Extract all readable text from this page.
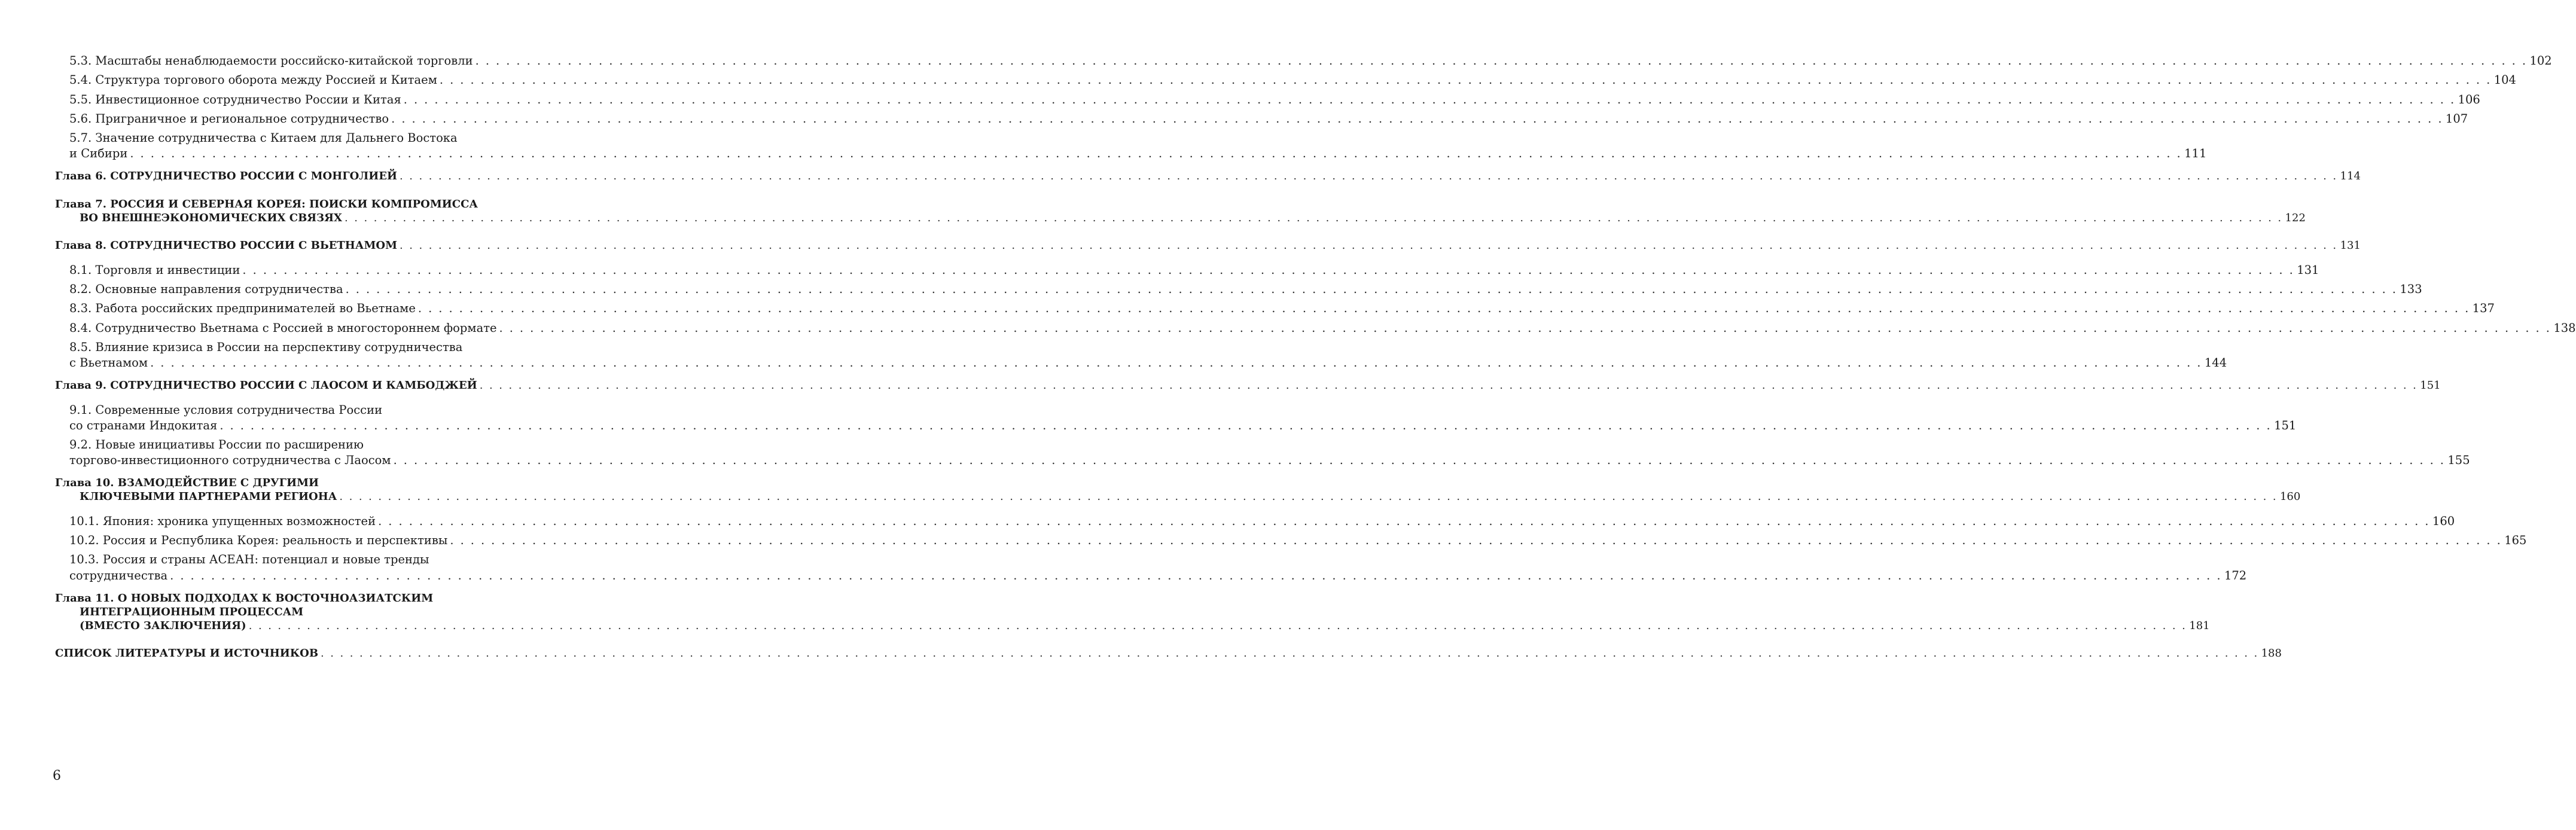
5.3. Масштабы ненаблюдаемости российско-китайской торговли . . . . . . . . . . . . . . . . . . . . . . . . . . . . . . . . . . . . . . . . . . . . . . . . . . . . . . . . . . . . . . . . . . . . . . . . . . . . . . . . . . . . . . . . . . . . . . . . . . . . . . . . . . . . . . . . . . . . . . . . . . . . . . . . . . . . . . . . . . . . . . . . . . . . . . . . . . . . . . . . . . . . . . . . . . . . . . . . . . . . . . . . . . . . . . . . . . . . . . . . 102
5.4. Структура торгового оборота между Россией и Китаем . . . . . . . . . . . . . . . . . . . . . . . . . . . . . . . . . . . . . . . . . . . . . . . . . . . . . . . . . . . . . . . . . . . . . . . . . . . . . . . . . . . . . . . . . . . . . . . . . . . . . . . . . . . . . . . . . . . . . . . . . . . . . . . . . . . . . . . . . . . . . . . . . . . . . . . . . . . . . . . . . . . . . . . . . . . . . . . . . . . . . . . . . . . . . . . . . . . . . . . . 104
5.5. Инвестиционное сотрудничество России и Китая . . . . . . . . . . . . . . . . . . . . . . . . . . . . . . . . . . . . . . . . . . . . . . . . . . . . . . . . . . . . . . . . . . . . . . . . . . . . . . . . . . . . . . . . . . . . . . . . . . . . . . . . . . . . . . . . . . . . . . . . . . . . . . . . . . . . . . . . . . . . . . . . . . . . . . . . . . . . . . . . . . . . . . . . . . . . . . . . . . . . . . . . . . . . . . . . . . . . . . . . 106
5.6. Приграничное и региональное сотрудничество . . . . . . . . . . . . . . . . . . . . . . . . . . . . . . . . . . . . . . . . . . . . . . . . . . . . . . . . . . . . . . . . . . . . . . . . . . . . . . . . . . . . . . . . . . . . . . . . . . . . . . . . . . . . . . . . . . . . . . . . . . . . . . . . . . . . . . . . . . . . . . . . . . . . . . . . . . . . . . . . . . . . . . . . . . . . . . . . . . . . . . . . . . . . . . . . . . . . . . . . 107
5.7. Значение сотрудничества с Китаем для Дальнего Востока
и Сибири . . . . . . . . . . . . . . . . . . . . . . . . . . . . . . . . . . . . . . . . . . . . . . . . . . . . . . . . . . . . . . . . . . . . . . . . . . . . . . . . . . . . . . . . . . . . . . . . . . . . . . . . . . . . . . . . . . . . . . . . . . . . . . . . . . . . . . . . . . . . . . . . . . . . . . . . . . . . . . . . . . . . . . . . . . . . . . . . . . . . . . . . . . . . . . . . . . . . . . . . 111
Глава 6. СОТРУДНИЧЕСТВО РОССИИ С МОНГОЛИЕЙ . . . . . . . . . . . . . . . . . . . . . . . . . . . . . . . . . . . . . . . . . . . . . . . . . . . . . . . . . . . . . . . . . . . . . . . . . . . . . . . . . . . . . . . . . . . . . . . . . . . . . . . . . . . . . . . . . . . . . . . . . . . . . . . . . . . . . . . . . . . . . . . . . . . . . . . . . . . . . . . . . . . . . . . . . . . . . . . . . . . . . . . . . . . . . . . . . . . . . . . . 114
Глава 7. РОССИЯ И СЕВЕРНАЯ КОРЕЯ: ПОИСКИ КОМПРОМИССА
ВО ВНЕШНЕЭКОНОМИЧЕСКИХ СВЯЗЯХ . . . . . . . . . . . . . . . . . . . . . . . . . . . . . . . . . . . . . . . . . . . . . . . . . . . . . . . . . . . . . . . . . . . . . . . . . . . . . . . . . . . . . . . . . . . . . . . . . . . . . . . . . . . . . . . . . . . . . . . . . . . . . . . . . . . . . . . . . . . . . . . . . . . . . . . . . . . . . . . . . . . . . . . . . . . . . . . . . . . . . . . . . . . . . . . . . . . . . . . . 122
Глава 8. СОТРУДНИЧЕСТВО РОССИИ С ВЬЕТНАМОМ . . . . . . . . . . . . . . . . . . . . . . . . . . . . . . . . . . . . . . . . . . . . . . . . . . . . . . . . . . . . . . . . . . . . . . . . . . . . . . . . . . . . . . . . . . . . . . . . . . . . . . . . . . . . . . . . . . . . . . . . . . . . . . . . . . . . . . . . . . . . . . . . . . . . . . . . . . . . . . . . . . . . . . . . . . . . . . . . . . . . . . . . . . . . . . . . . . . . . . . . 131
8.1. Торговля и инвестиции . . . . . . . . . . . . . . . . . . . . . . . . . . . . . . . . . . . . . . . . . . . . . . . . . . . . . . . . . . . . . . . . . . . . . . . . . . . . . . . . . . . . . . . . . . . . . . . . . . . . . . . . . . . . . . . . . . . . . . . . . . . . . . . . . . . . . . . . . . . . . . . . . . . . . . . . . . . . . . . . . . . . . . . . . . . . . . . . . . . . . . . . . . . . . . . . . . . . . . . . 131
8.2. Основные направления сотрудничества . . . . . . . . . . . . . . . . . . . . . . . . . . . . . . . . . . . . . . . . . . . . . . . . . . . . . . . . . . . . . . . . . . . . . . . . . . . . . . . . . . . . . . . . . . . . . . . . . . . . . . . . . . . . . . . . . . . . . . . . . . . . . . . . . . . . . . . . . . . . . . . . . . . . . . . . . . . . . . . . . . . . . . . . . . . . . . . . . . . . . . . . . . . . . . . . . . . . . . . . 133
8.3. Работа российских предпринимателей во Вьетнаме . . . . . . . . . . . . . . . . . . . . . . . . . . . . . . . . . . . . . . . . . . . . . . . . . . . . . . . . . . . . . . . . . . . . . . . . . . . . . . . . . . . . . . . . . . . . . . . . . . . . . . . . . . . . . . . . . . . . . . . . . . . . . . . . . . . . . . . . . . . . . . . . . . . . . . . . . . . . . . . . . . . . . . . . . . . . . . . . . . . . . . . . . . . . . . . . . . . . . . . . 137
8.4. Сотрудничество Вьетнама с Россией в многостороннем формате . . . . . . . . . . . . . . . . . . . . . . . . . . . . . . . . . . . . . . . . . . . . . . . . . . . . . . . . . . . . . . . . . . . . . . . . . . . . . . . . . . . . . . . . . . . . . . . . . . . . . . . . . . . . . . . . . . . . . . . . . . . . . . . . . . . . . . . . . . . . . . . . . . . . . . . . . . . . . . . . . . . . . . . . . . . . . . . . . . . . . . . . . . . . . . . . . . . . . . . . 138
8.5. Влияние кризиса в России на перспективу сотрудничества
с Вьетнамом . . . . . . . . . . . . . . . . . . . . . . . . . . . . . . . . . . . . . . . . . . . . . . . . . . . . . . . . . . . . . . . . . . . . . . . . . . . . . . . . . . . . . . . . . . . . . . . . . . . . . . . . . . . . . . . . . . . . . . . . . . . . . . . . . . . . . . . . . . . . . . . . . . . . . . . . . . . . . . . . . . . . . . . . . . . . . . . . . . . . . . . . . . . . . . . . . . . . . . . . 144
Глава 9. СОТРУДНИЧЕСТВО РОССИИ С ЛАОСОМ И КАМБОДЖЕЙ . . . . . . . . . . . . . . . . . . . . . . . . . . . . . . . . . . . . . . . . . . . . . . . . . . . . . . . . . . . . . . . . . . . . . . . . . . . . . . . . . . . . . . . . . . . . . . . . . . . . . . . . . . . . . . . . . . . . . . . . . . . . . . . . . . . . . . . . . . . . . . . . . . . . . . . . . . . . . . . . . . . . . . . . . . . . . . . . . . . . . . . . . . . . . . . . . . . . . . . . 151
9.1. Современные условия сотрудничества России
со странами Индокитая . . . . . . . . . . . . . . . . . . . . . . . . . . . . . . . . . . . . . . . . . . . . . . . . . . . . . . . . . . . . . . . . . . . . . . . . . . . . . . . . . . . . . . . . . . . . . . . . . . . . . . . . . . . . . . . . . . . . . . . . . . . . . . . . . . . . . . . . . . . . . . . . . . . . . . . . . . . . . . . . . . . . . . . . . . . . . . . . . . . . . . . . . . . . . . . . . . . . . . . . 151
9.2. Новые инициативы России по расширению
торгово-инвестиционного сотрудничества с Лаосом . . . . . . . . . . . . . . . . . . . . . . . . . . . . . . . . . . . . . . . . . . . . . . . . . . . . . . . . . . . . . . . . . . . . . . . . . . . . . . . . . . . . . . . . . . . . . . . . . . . . . . . . . . . . . . . . . . . . . . . . . . . . . . . . . . . . . . . . . . . . . . . . . . . . . . . . . . . . . . . . . . . . . . . . . . . . . . . . . . . . . . . . . . . . . . . . . . . . . . . . 155
Глава 10. ВЗАМОДЕЙСТВИЕ С ДРУГИМИ
КЛЮЧЕВЫМИ ПАРТНЕРАМИ РЕГИОНА . . . . . . . . . . . . . . . . . . . . . . . . . . . . . . . . . . . . . . . . . . . . . . . . . . . . . . . . . . . . . . . . . . . . . . . . . . . . . . . . . . . . . . . . . . . . . . . . . . . . . . . . . . . . . . . . . . . . . . . . . . . . . . . . . . . . . . . . . . . . . . . . . . . . . . . . . . . . . . . . . . . . . . . . . . . . . . . . . . . . . . . . . . . . . . . . . . . . . . . . 160
10.1. Япония: хроника упущенных возможностей . . . . . . . . . . . . . . . . . . . . . . . . . . . . . . . . . . . . . . . . . . . . . . . . . . . . . . . . . . . . . . . . . . . . . . . . . . . . . . . . . . . . . . . . . . . . . . . . . . . . . . . . . . . . . . . . . . . . . . . . . . . . . . . . . . . . . . . . . . . . . . . . . . . . . . . . . . . . . . . . . . . . . . . . . . . . . . . . . . . . . . . . . . . . . . . . . . . . . . . . 160
10.2. Россия и Республика Корея: реальность и перспективы . . . . . . . . . . . . . . . . . . . . . . . . . . . . . . . . . . . . . . . . . . . . . . . . . . . . . . . . . . . . . . . . . . . . . . . . . . . . . . . . . . . . . . . . . . . . . . . . . . . . . . . . . . . . . . . . . . . . . . . . . . . . . . . . . . . . . . . . . . . . . . . . . . . . . . . . . . . . . . . . . . . . . . . . . . . . . . . . . . . . . . . . . . . . . . . . . . . . . . . . 165
10.3. Россия и страны АСЕАН: потенциал и новые тренды
сотрудничества . . . . . . . . . . . . . . . . . . . . . . . . . . . . . . . . . . . . . . . . . . . . . . . . . . . . . . . . . . . . . . . . . . . . . . . . . . . . . . . . . . . . . . . . . . . . . . . . . . . . . . . . . . . . . . . . . . . . . . . . . . . . . . . . . . . . . . . . . . . . . . . . . . . . . . . . . . . . . . . . . . . . . . . . . . . . . . . . . . . . . . . . . . . . . . . . . . . . . . . . 172
Глава 11. О НОВЫХ ПОДХОДАХ К ВОСТОЧНОАЗИАТСКИМ
ИНТЕГРАЦИОННЫМ ПРОЦЕССАМ
(ВМЕСТО ЗАКЛЮЧЕНИЯ) . . . . . . . . . . . . . . . . . . . . . . . . . . . . . . . . . . . . . . . . . . . . . . . . . . . . . . . . . . . . . . . . . . . . . . . . . . . . . . . . . . . . . . . . . . . . . . . . . . . . . . . . . . . . . . . . . . . . . . . . . . . . . . . . . . . . . . . . . . . . . . . . . . . . . . . . . . . . . . . . . . . . . . . . . . . . . . . . . . . . . . . . . . . . . . . . . . . . . . . . 181
СПИСОК ЛИТЕРАТУРЫ И ИСТОЧНИКОВ . . . . . . . . . . . . . . . . . . . . . . . . . . . . . . . . . . . . . . . . . . . . . . . . . . . . . . . . . . . . . . . . . . . . . . . . . . . . . . . . . . . . . . . . . . . . . . . . . . . . . . . . . . . . . . . . . . . . . . . . . . . . . . . . . . . . . . . . . . . . . . . . . . . . . . . . . . . . . . . . . . . . . . . . . . . . . . . . . . . . . . . . . . . . . . . . . . . . . . . . 188
6
